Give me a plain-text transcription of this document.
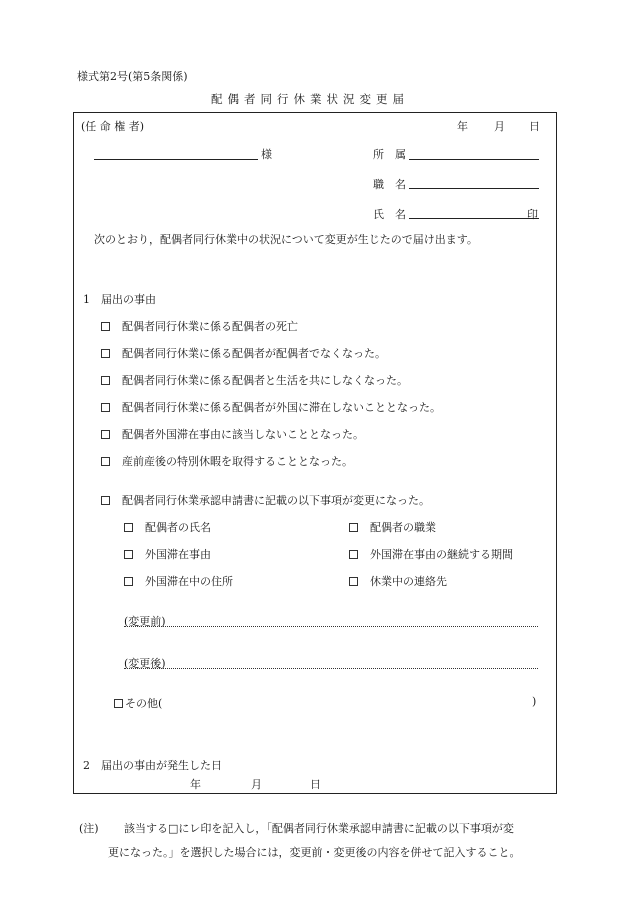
様式第2号(第5条関係)
配偶者同行休業状況変更届
(任 命 権 者)	年 月 日
様	所　属
職　名
氏　名	印
次のとおり，配偶者同行休業中の状況について変更が生じたので届け出ます。
1　届出の事由
配偶者同行休業に係る配偶者の死亡
配偶者同行休業に係る配偶者が配偶者でなくなった。
配偶者同行休業に係る配偶者と生活を共にしなくなった。
配偶者同行休業に係る配偶者が外国に滞在しないこととなった。
配偶者外国滞在事由に該当しないこととなった。
産前産後の特別休暇を取得することとなった。
配偶者同行休業承認申請書に記載の以下事項が変更になった。
配偶者の氏名	配偶者の職業
外国滞在事由	外国滞在事由の継続する期間
外国滞在中の住所	休業中の連絡先
(変更前)
(変更後)
その他(	)
2　届出の事由が発生した日
年	月	日
(注) 該当する□にレ印を記入し，「配偶者同行休業承認申請書に記載の以下事項が変
更になった。」を選択した場合には，変更前・変更後の内容を併せて記入すること。
